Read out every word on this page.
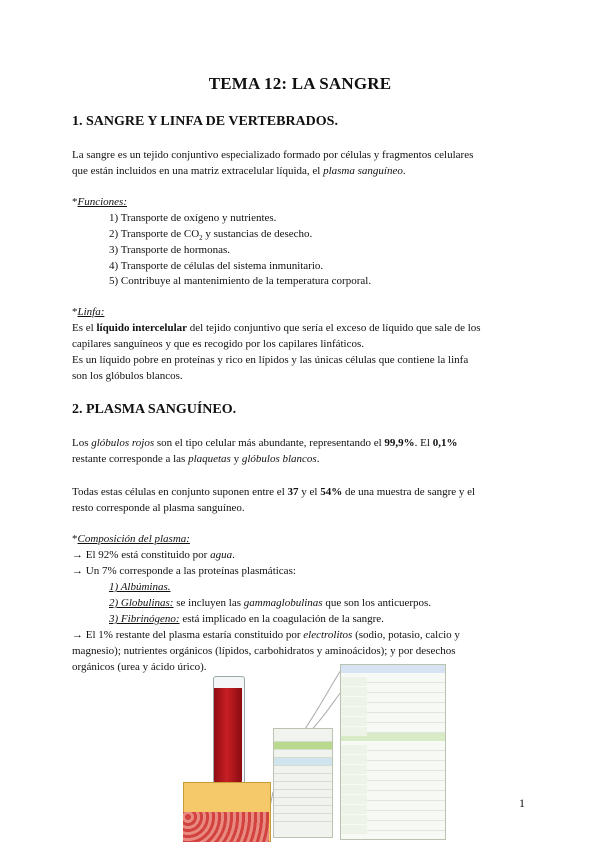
TEMA 12: LA SANGRE
1. SANGRE Y LINFA DE VERTEBRADOS.
La sangre es un tejido conjuntivo especializado formado por células y fragmentos celulares
que están incluidos en una matriz extracelular líquida, el plasma sanguíneo.
*Funciones:
1) Transporte de oxígeno y nutrientes.
2) Transporte de $CO_2$ y sustancias de desecho.
3) Transporte de hormonas.
4) Transporte de células del sistema inmunitario.
5) Contribuye al mantenimiento de la temperatura corporal.
*Linfa:
Es el líquido intercelular del tejido conjuntivo que sería el exceso de líquido que sale de los
capilares sanguíneos y que es recogido por los capilares linfáticos.
Es un líquido pobre en proteínas y rico en lípidos y las únicas células que contiene la linfa
son los glóbulos blancos.
2. PLASMA SANGUÍNEO.
Los glóbulos rojos son el tipo celular más abundante, representando el 99,9%. El 0,1%
restante corresponde a las plaquetas y glóbulos blancos.
Todas estas células en conjunto suponen entre el 37 y el 54% de una muestra de sangre y el
resto corresponde al plasma sanguíneo.
*Composición del plasma:
→ El 92% está constituido por agua.
→ Un 7% corresponde a las proteínas plasmáticas:
1) Albúminas.
2) Globulinas: se incluyen las gammaglobulinas que son los anticuerpos.
3) Fibrinógeno: está implicado en la coagulación de la sangre.
→ El 1% restante del plasma estaría constituido por electrolitos (sodio, potasio, calcio y
magnesio); nutrientes orgánicos (lípidos, carbohidratos y aminoácidos); y por desechos
orgánicos (urea y ácido úrico).
1
